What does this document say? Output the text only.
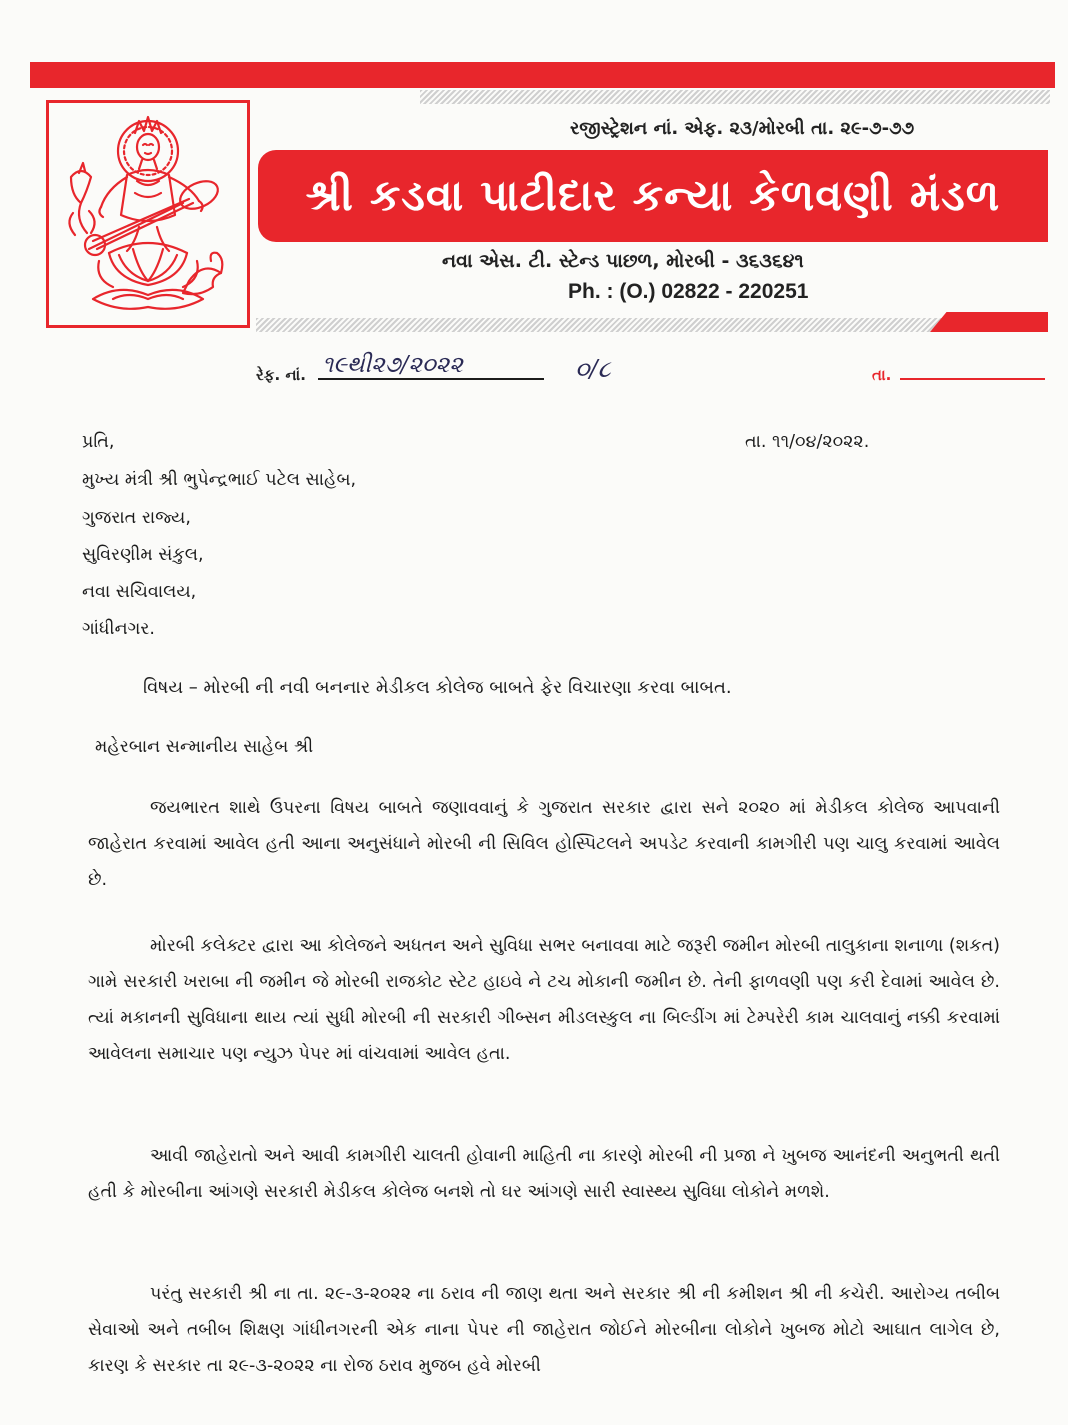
રજીસ્ટ્રેશન નાં. એફ. ૨૩/મોરબી તા. ૨૯-૭-૭૭
શ્રી કડવા પાટીદાર કન્યા કેળવણી મંડળ
નવા એસ. ટી. સ્ટેન્ડ પાછળ, મોરબી - ૩૬૩૬૪૧
Ph. : (O.) 02822 - 220251
રેફ. નાં. ૧૯થી૨૭/૨૦૨૨	૦/૮	તા.
તા. ૧૧/૦૪/૨૦૨૨.
પ્રતિ,
મુખ્ય મંત્રી શ્રી ભુપેન્દ્રભાઈ પટેલ સાહેબ,
ગુજરાત રાજ્ય,
સુવિરણીમ સંકુલ,
નવા સચિવાલય,
ગાંધીનગર.
વિષય – મોરબી ની નવી બનનાર મેડીકલ કોલેજ બાબતે ફેર વિચારણા કરવા બાબત.
મહેરબાન સન્માનીય સાહેબ શ્રી
જયભારત શાથે ઉપરના વિષય બાબતે જણાવવાનું કે ગુજરાત સરકાર દ્વારા સને ૨૦૨૦ માં મેડીકલ કોલેજ આપવાની જાહેરાત કરવામાં આવેલ હતી આના અનુસંધાને મોરબી ની સિવિલ હોસ્પિટલને અપડેટ કરવાની કામગીરી પણ ચાલુ કરવામાં આવેલ છે.
મોરબી કલેક્ટર દ્વારા આ કોલેજને અધતન અને સુવિધા સભર બનાવવા માટે જરૂરી જમીન મોરબી તાલુકાના શનાળા (શકત) ગામે સરકારી ખરાબા ની જમીન જે મોરબી રાજકોટ સ્ટેટ હાઇવે ને ટચ મોકાની જમીન છે. તેની ફાળવણી પણ કરી દેવામાં આવેલ છે. ત્યાં મકાનની સુવિધાના થાય ત્યાં સુધી મોરબી ની સરકારી ગીબ્સન મીડલસ્કુલ ના બિલ્ડીંગ માં ટેમ્પરેરી કામ ચાલવાનું નક્કી કરવામાં આવેલના સમાચાર પણ ન્યુઝ પેપર માં વાંચવામાં આવેલ હતા.
આવી જાહેરાતો અને આવી કામગીરી ચાલતી હોવાની માહિતી ના કારણે મોરબી ની પ્રજા ને ખુબજ આનંદની અનુભતી થતી હતી કે મોરબીના આંગણે સરકારી મેડીકલ કોલેજ બનશે તો ઘર આંગણે સારી સ્વાસ્થ્ય સુવિધા લોકોને મળશે.
પરંતુ સરકારી શ્રી ના તા. ૨૯-૩-૨૦૨૨ ના ઠરાવ ની જાણ થતા અને સરકાર શ્રી ની કમીશન શ્રી ની કચેરી. આરોગ્ય તબીબ સેવાઓ અને તબીબ શિક્ષણ ગાંધીનગરની એક નાના પેપર ની જાહેરાત જોઈને મોરબીના લોકોને ખુબજ મોટો આઘાત લાગેલ છે, કારણ કે સરકાર તા ૨૯-૩-૨૦૨૨ ના રોજ ઠરાવ મુજબ હવે મોરબી
